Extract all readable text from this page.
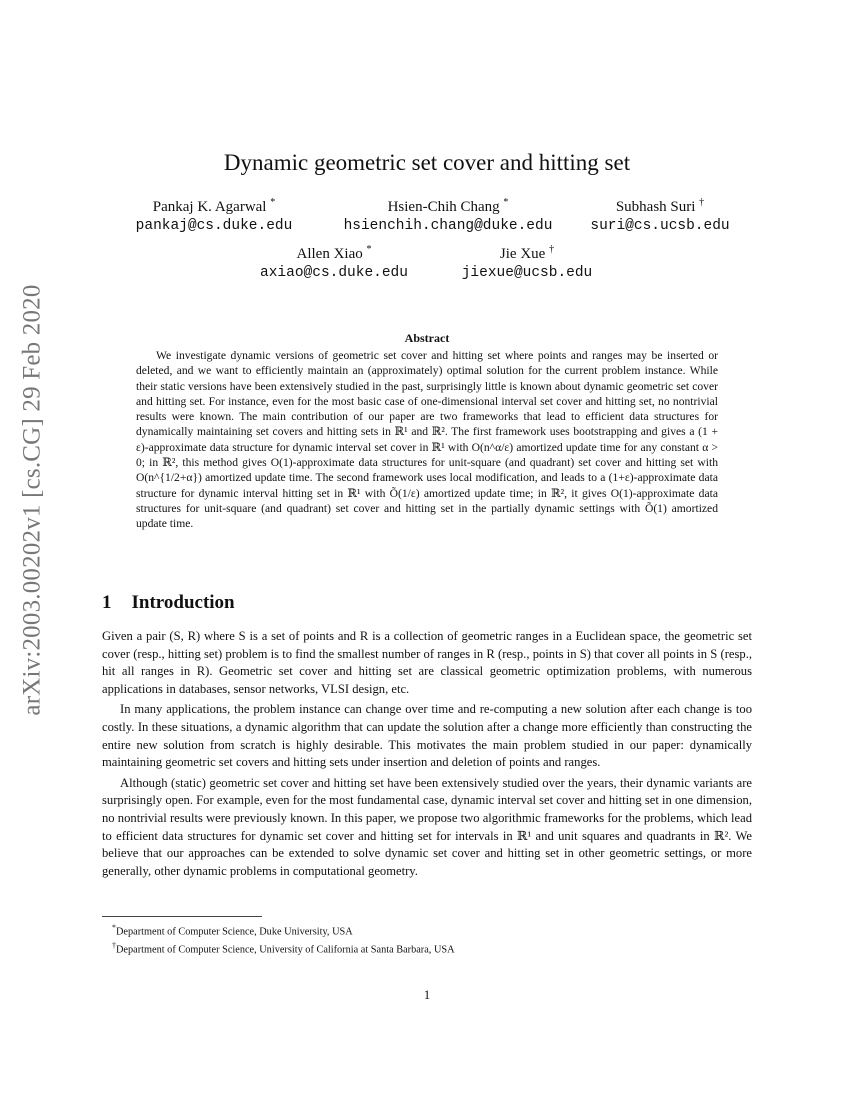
arXiv:2003.00202v1 [cs.CG] 29 Feb 2020
Dynamic geometric set cover and hitting set
Pankaj K. Agarwal *
pankaj@cs.duke.edu
Hsien-Chih Chang *
hsienchih.chang@duke.edu
Subhash Suri †
suri@cs.ucsb.edu
Allen Xiao *
axiao@cs.duke.edu
Jie Xue †
jiexue@ucsb.edu
Abstract
We investigate dynamic versions of geometric set cover and hitting set where points and ranges may be inserted or deleted, and we want to efficiently maintain an (approximately) optimal solution for the current problem instance. While their static versions have been extensively studied in the past, surprisingly little is known about dynamic geometric set cover and hitting set. For instance, even for the most basic case of one-dimensional interval set cover and hitting set, no nontrivial results were known. The main contribution of our paper are two frameworks that lead to efficient data structures for dynamically maintaining set covers and hitting sets in ℝ¹ and ℝ². The first framework uses bootstrapping and gives a (1 + ε)-approximate data structure for dynamic interval set cover in ℝ¹ with O(n^α/ε) amortized update time for any constant α > 0; in ℝ², this method gives O(1)-approximate data structures for unit-square (and quadrant) set cover and hitting set with O(n^{1/2+α}) amortized update time. The second framework uses local modification, and leads to a (1+ε)-approximate data structure for dynamic interval hitting set in ℝ¹ with Õ(1/ε) amortized update time; in ℝ², it gives O(1)-approximate data structures for unit-square (and quadrant) set cover and hitting set in the partially dynamic settings with Õ(1) amortized update time.
1 Introduction

Given a pair (S, R) where S is a set of points and R is a collection of geometric ranges in a Euclidean space, the geometric set cover (resp., hitting set) problem is to find the smallest number of ranges in R (resp., points in S) that cover all points in S (resp., hit all ranges in R). Geometric set cover and hitting set are classical geometric optimization problems, with numerous applications in databases, sensor networks, VLSI design, etc.

In many applications, the problem instance can change over time and re-computing a new solution after each change is too costly. In these situations, a dynamic algorithm that can update the solution after a change more efficiently than constructing the entire new solution from scratch is highly desirable. This motivates the main problem studied in our paper: dynamically maintaining geometric set covers and hitting sets under insertion and deletion of points and ranges.

Although (static) geometric set cover and hitting set have been extensively studied over the years, their dynamic variants are surprisingly open. For example, even for the most fundamental case, dynamic interval set cover and hitting set in one dimension, no nontrivial results were previously known. In this paper, we propose two algorithmic frameworks for the problems, which lead to efficient data structures for dynamic set cover and hitting set for intervals in ℝ¹ and unit squares and quadrants in ℝ². We believe that our approaches can be extended to solve dynamic set cover and hitting set in other geometric settings, or more generally, other dynamic problems in computational geometry.

*Department of Computer Science, Duke University, USA
†Department of Computer Science, University of California at Santa Barbara, USA
1
